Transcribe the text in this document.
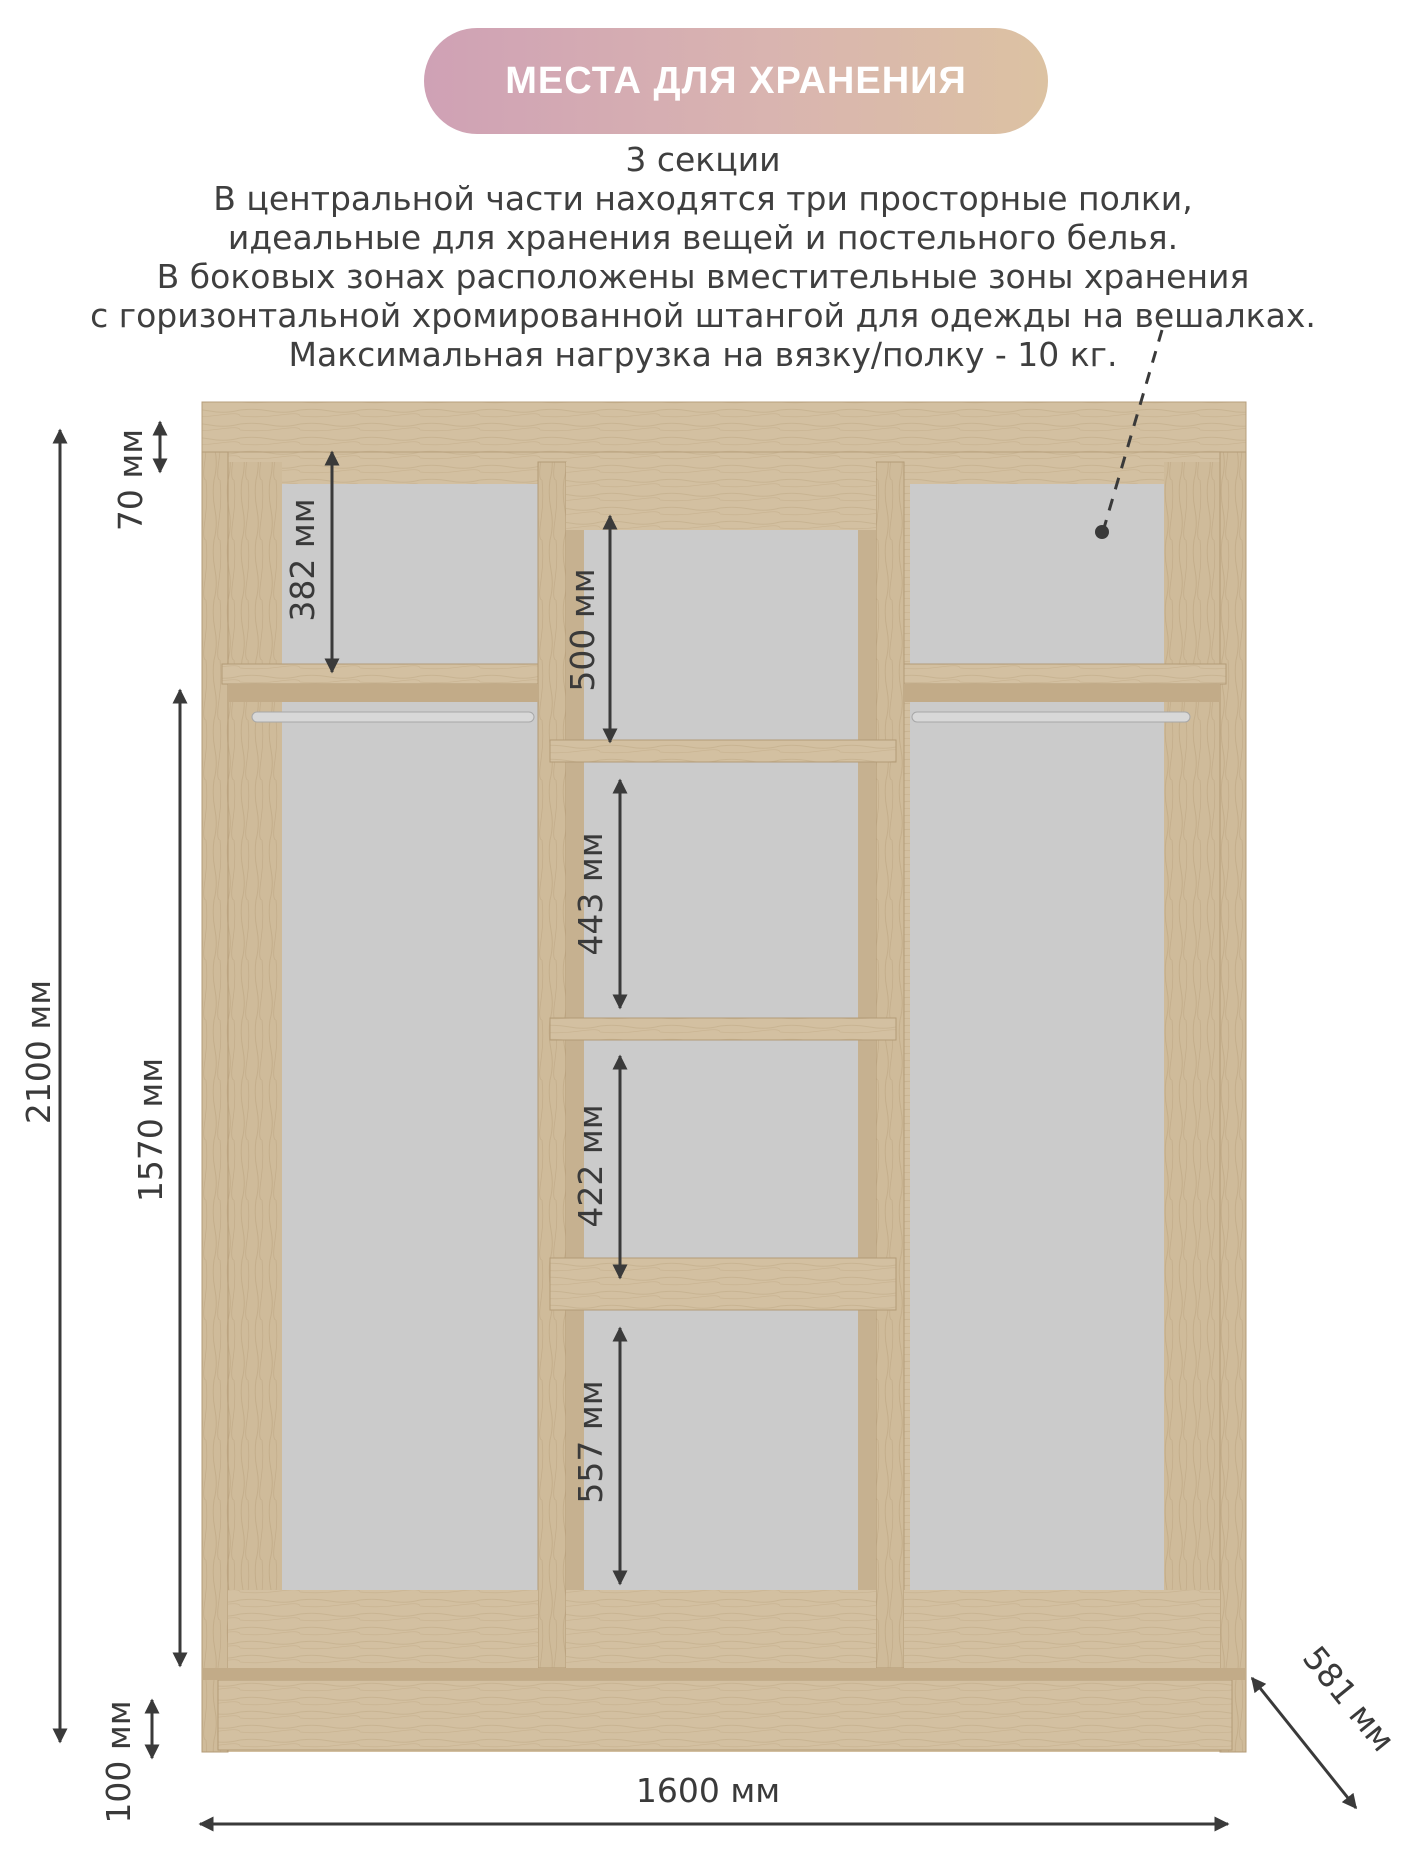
МЕСТА ДЛЯ ХРАНЕНИЯ
3 секции
В центральной части находятся три просторные полки,
идеальные для хранения вещей и постельного белья.
В боковых зонах расположены вместительные зоны хранения
с горизонтальной хромированной штангой для одежды на вешалках.
Максимальная нагрузка на вязку/полку - 10 кг.
2100 мм
70 мм
382 мм
1570 мм
500 мм
443 мм
422 мм
557 мм
100 мм	1600 мм
581 мм
